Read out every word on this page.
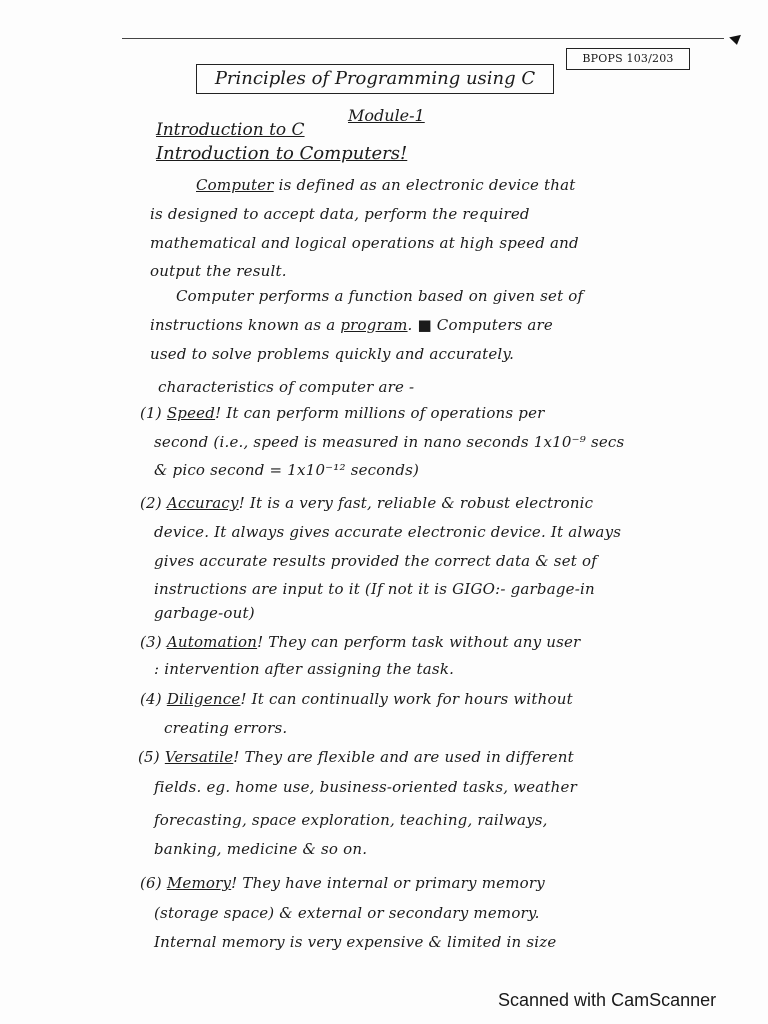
BPOPS 103/203
Principles of Programming using C
Module-1
Introduction to C
Introduction to Computers!
Computer is defined as an electronic device that
is designed to accept data, perform the required
mathematical and logical operations at high speed and
output the result.
Computer performs a function based on given set of
instructions known as a program. ■ Computers are
used to solve problems quickly and accurately.
characteristics of computer are -
(1) Speed! It can perform millions of operations per
second (i.e., speed is measured in nano seconds 1x10⁻⁹ secs
& pico second = 1x10⁻¹² seconds)
(2) Accuracy! It is a very fast, reliable & robust electronic
device. It always gives accurate electronic device. It always
gives accurate results provided the correct data & set of
instructions are input to it (If not it is GIGO:- garbage-in
garbage-out)
(3) Automation! They can perform task without any user
: intervention after assigning the task.
(4) Diligence! It can continually work for hours without
creating errors.
(5) Versatile! They are flexible and are used in different
fields. eg. home use, business-oriented tasks, weather
forecasting, space exploration, teaching, railways,
banking, medicine & so on.
(6) Memory! They have internal or primary memory
(storage space) & external or secondary memory.
Internal memory is very expensive & limited in size
Scanned with CamScanner
